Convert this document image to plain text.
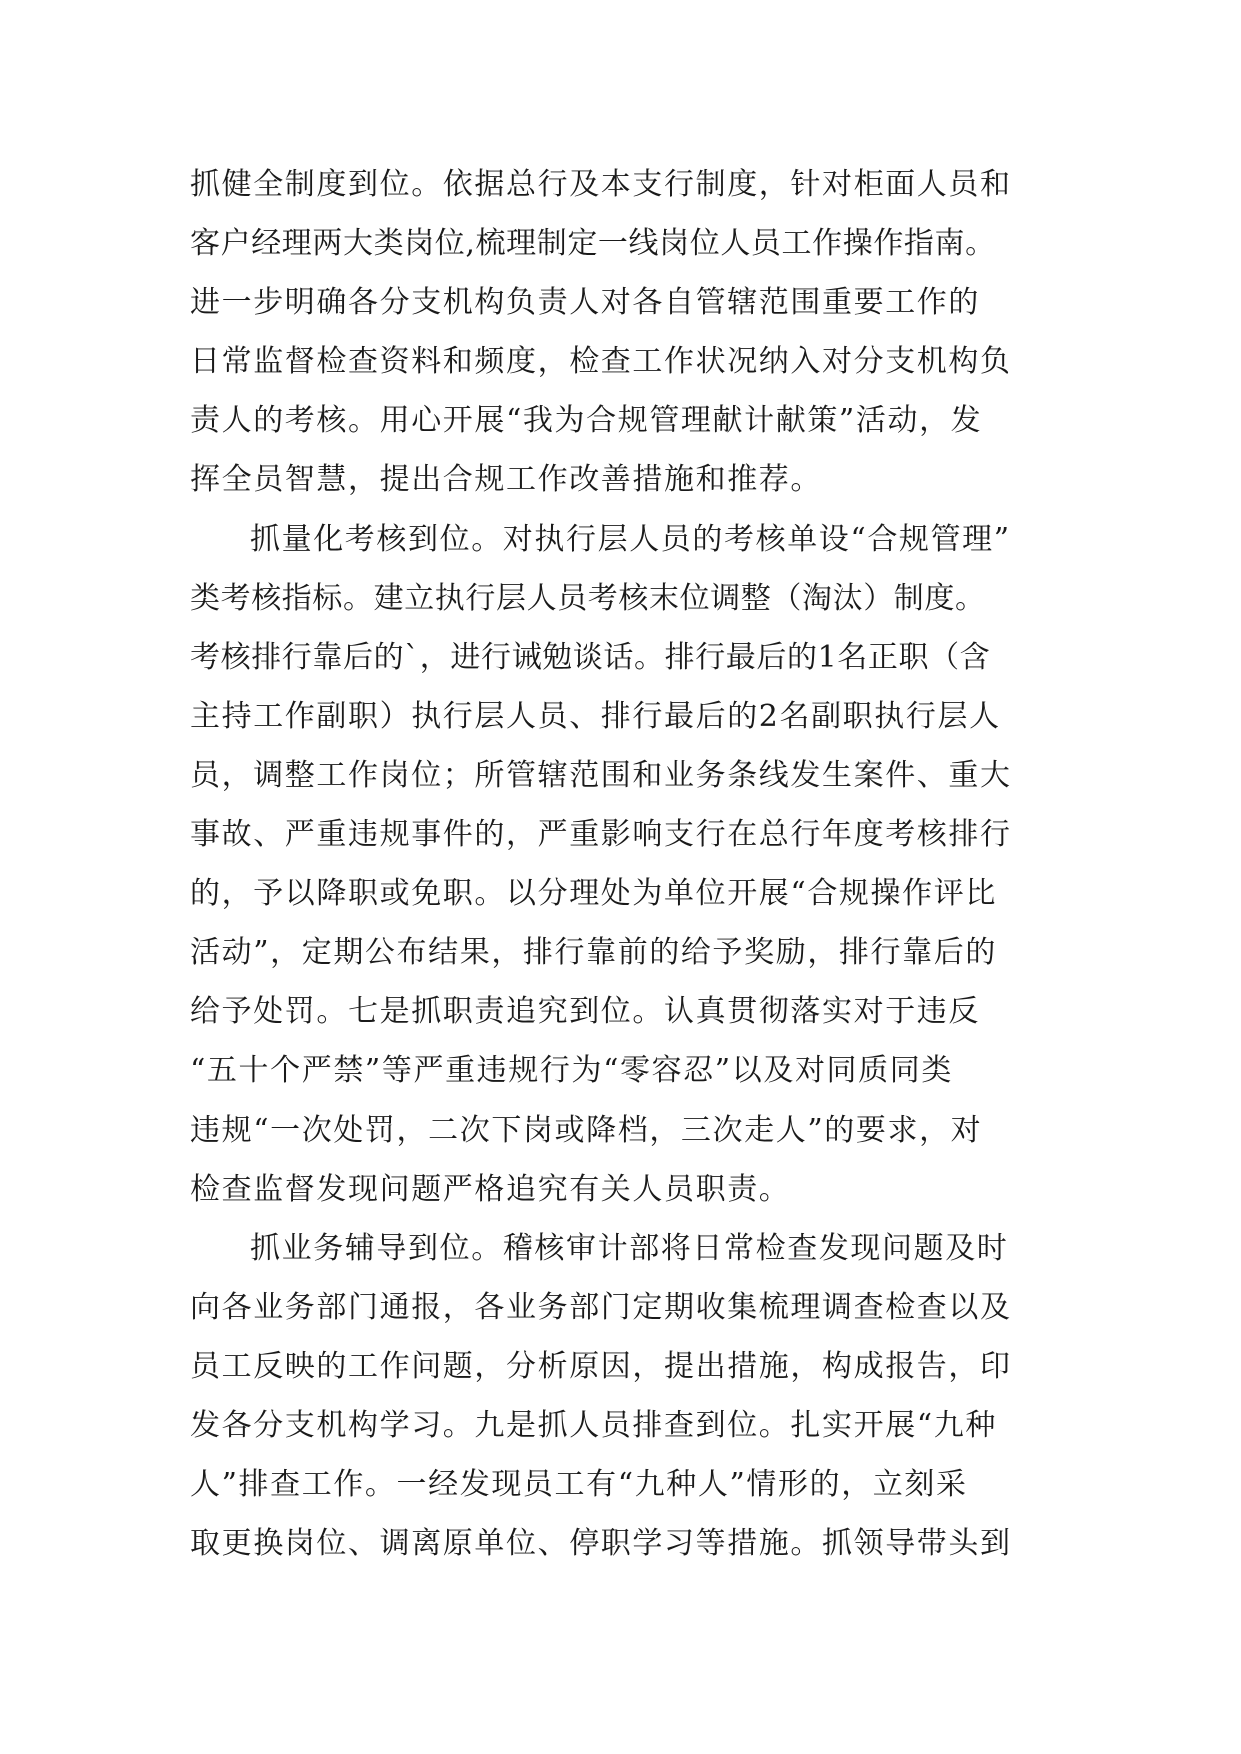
抓健全制度到位。依据总行及本支行制度，针对柜面人员和
客户经理两大类岗位,梳理制定一线岗位人员工作操作指南。
进一步明确各分支机构负责人对各自管辖范围重要工作的
日常监督检查资料和频度，检查工作状况纳入对分支机构负
责人的考核。用心开展“我为合规管理献计献策”活动，发
挥全员智慧，提出合规工作改善措施和推荐。
抓量化考核到位。对执行层人员的考核单设“合规管理”
类考核指标。建立执行层人员考核末位调整（淘汰）制度。
考核排行靠后的`，进行诫勉谈话。排行最后的1名正职（含
主持工作副职）执行层人员、排行最后的2名副职执行层人
员，调整工作岗位；所管辖范围和业务条线发生案件、重大
事故、严重违规事件的，严重影响支行在总行年度考核排行
的，予以降职或免职。以分理处为单位开展“合规操作评比
活动”，定期公布结果，排行靠前的给予奖励，排行靠后的
给予处罚。七是抓职责追究到位。认真贯彻落实对于违反
“五十个严禁”等严重违规行为“零容忍”以及对同质同类
违规“一次处罚，二次下岗或降档，三次走人”的要求，对
检查监督发现问题严格追究有关人员职责。
抓业务辅导到位。稽核审计部将日常检查发现问题及时
向各业务部门通报，各业务部门定期收集梳理调查检查以及
员工反映的工作问题，分析原因，提出措施，构成报告，印
发各分支机构学习。九是抓人员排查到位。扎实开展“九种
人”排查工作。一经发现员工有“九种人”情形的，立刻采
取更换岗位、调离原单位、停职学习等措施。抓领导带头到
